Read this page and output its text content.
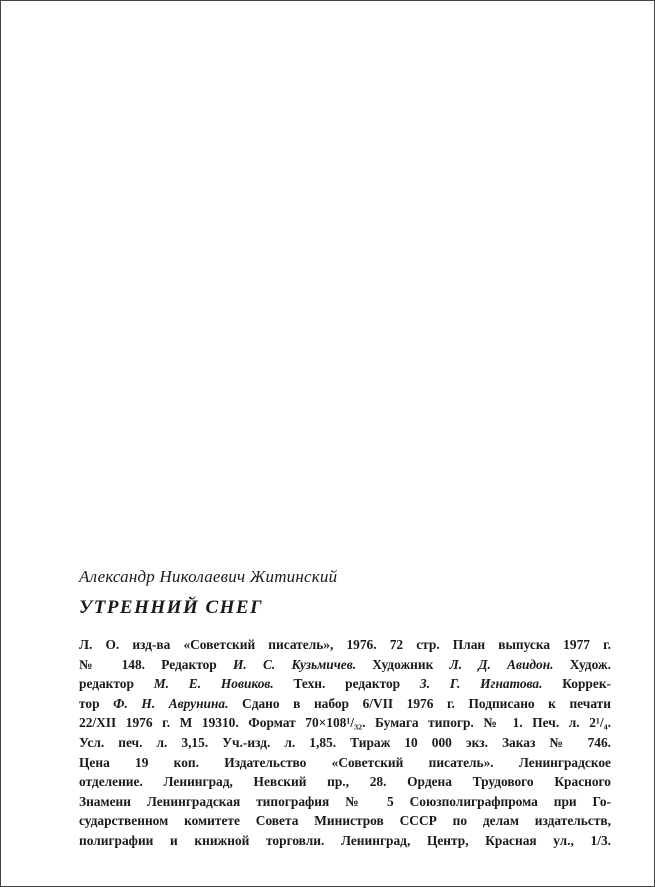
Александр Николаевич Житинский
УТРЕННИЙ СНЕГ
Л. О. изд-ва «Советский писатель», 1976. 72 стр. План выпуска 1977 г.
№ 148. Редактор И. С. Кузьмичев. Художник Л. Д. Авидон. Худож.
редактор М. Е. Новиков. Техн. редактор З. Г. Игнатова. Коррек-
тор Ф. Н. Аврунина. Сдано в набор 6/VII 1976 г. Подписано к печати
22/XII 1976 г. М 19310. Формат 70×108¹/₃₂. Бумага типогр. № 1. Печ. л. 2¹/₄.
Усл. печ. л. 3,15. Уч.-изд. л. 1,85. Тираж 10 000 экз. Заказ № 746.
Цена 19 коп. Издательство «Советский писатель». Ленинградское
отделение. Ленинград, Невский пр., 28. Ордена Трудового Красного
Знамени Ленинградская типография № 5 Союзполиграфпрома при Го-
сударственном комитете Совета Министров СССР по делам издательств,
полиграфии и книжной торговли. Ленинград, Центр, Красная ул., 1/3.
